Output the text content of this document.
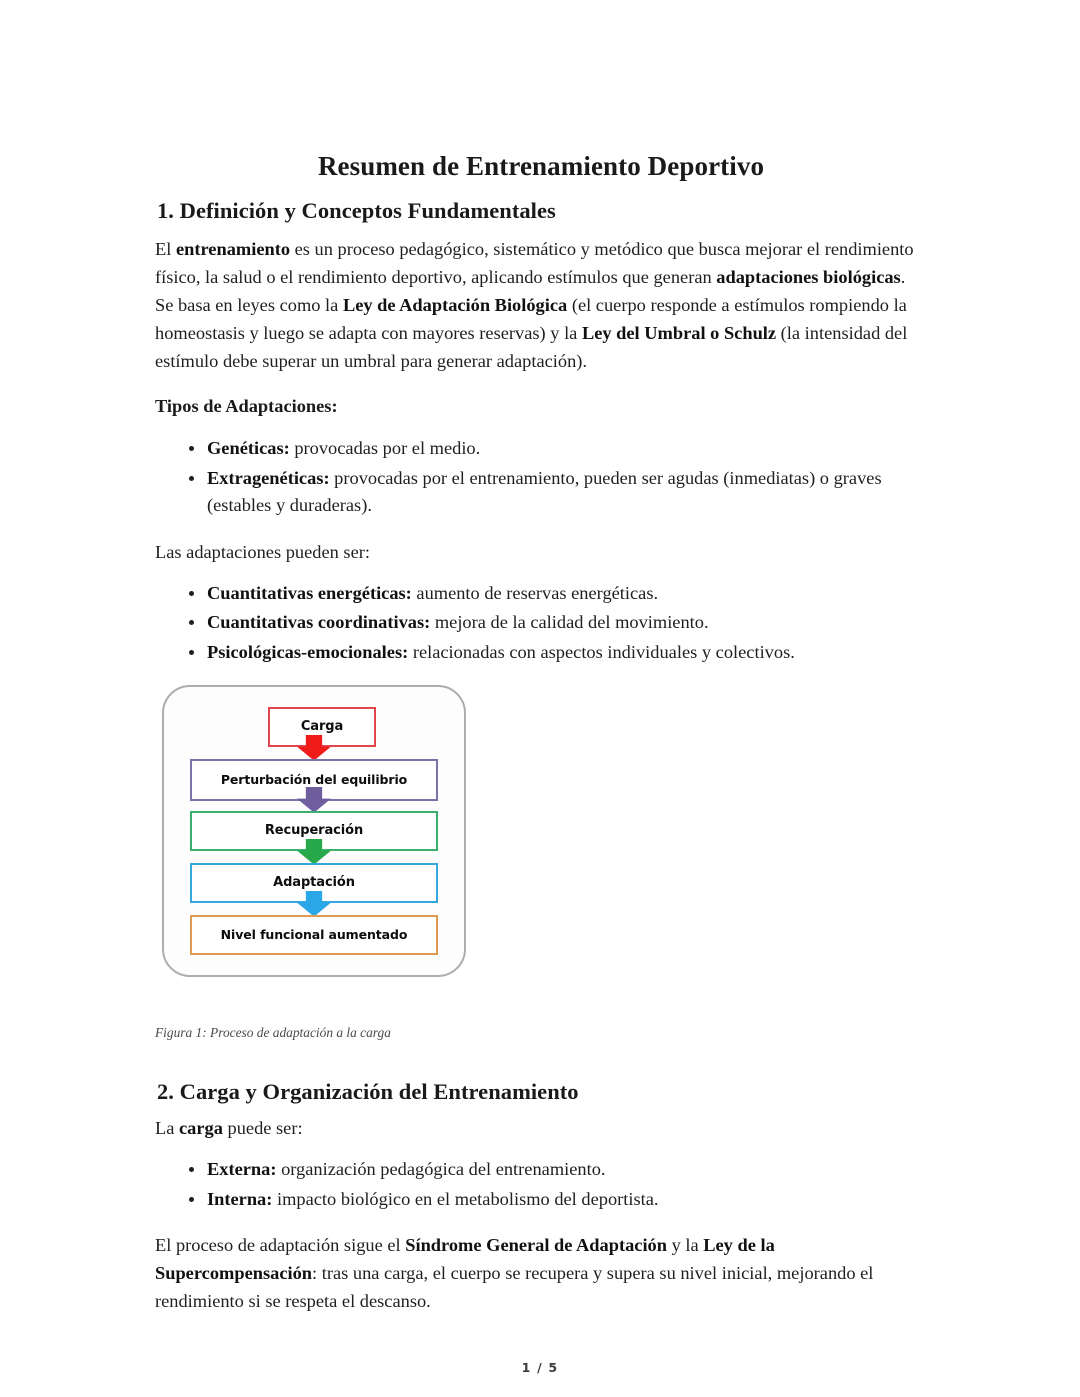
Resumen de Entrenamiento Deportivo
1. Definición y Conceptos Fundamentales

El entrenamiento es un proceso pedagógico, sistemático y metódico que busca mejorar el rendimiento físico, la salud o el rendimiento deportivo, aplicando estímulos que generan adaptaciones biológicas. Se basa en leyes como la Ley de Adaptación Biológica (el cuerpo responde a estímulos rompiendo la homeostasis y luego se adapta con mayores reservas) y la Ley del Umbral o Schulz (la intensidad del estímulo debe superar un umbral para generar adaptación).

Tipos de Adaptaciones:

Genéticas: provocadas por el medio.
Extragenéticas: provocadas por el entrenamiento, pueden ser agudas (inmediatas) o graves (estables y duraderas).

Las adaptaciones pueden ser:

Cuantitativas energéticas: aumento de reservas energéticas.
Cuantitativas coordinativas: mejora de la calidad del movimiento.
Psicológicas-emocionales: relacionadas con aspectos individuales y colectivos.
Carga
Perturbación del equilibrio
Recuperación
Adaptación
Nivel funcional aumentado

Figura 1: Proceso de adaptación a la carga

2. Carga y Organización del Entrenamiento

La carga puede ser:

Externa: organización pedagógica del entrenamiento.
Interna: impacto biológico en el metabolismo del deportista.

El proceso de adaptación sigue el Síndrome General de Adaptación y la Ley de la Supercompensación: tras una carga, el cuerpo se recupera y supera su nivel inicial, mejorando el rendimiento si se respeta el descanso.

1 / 5
